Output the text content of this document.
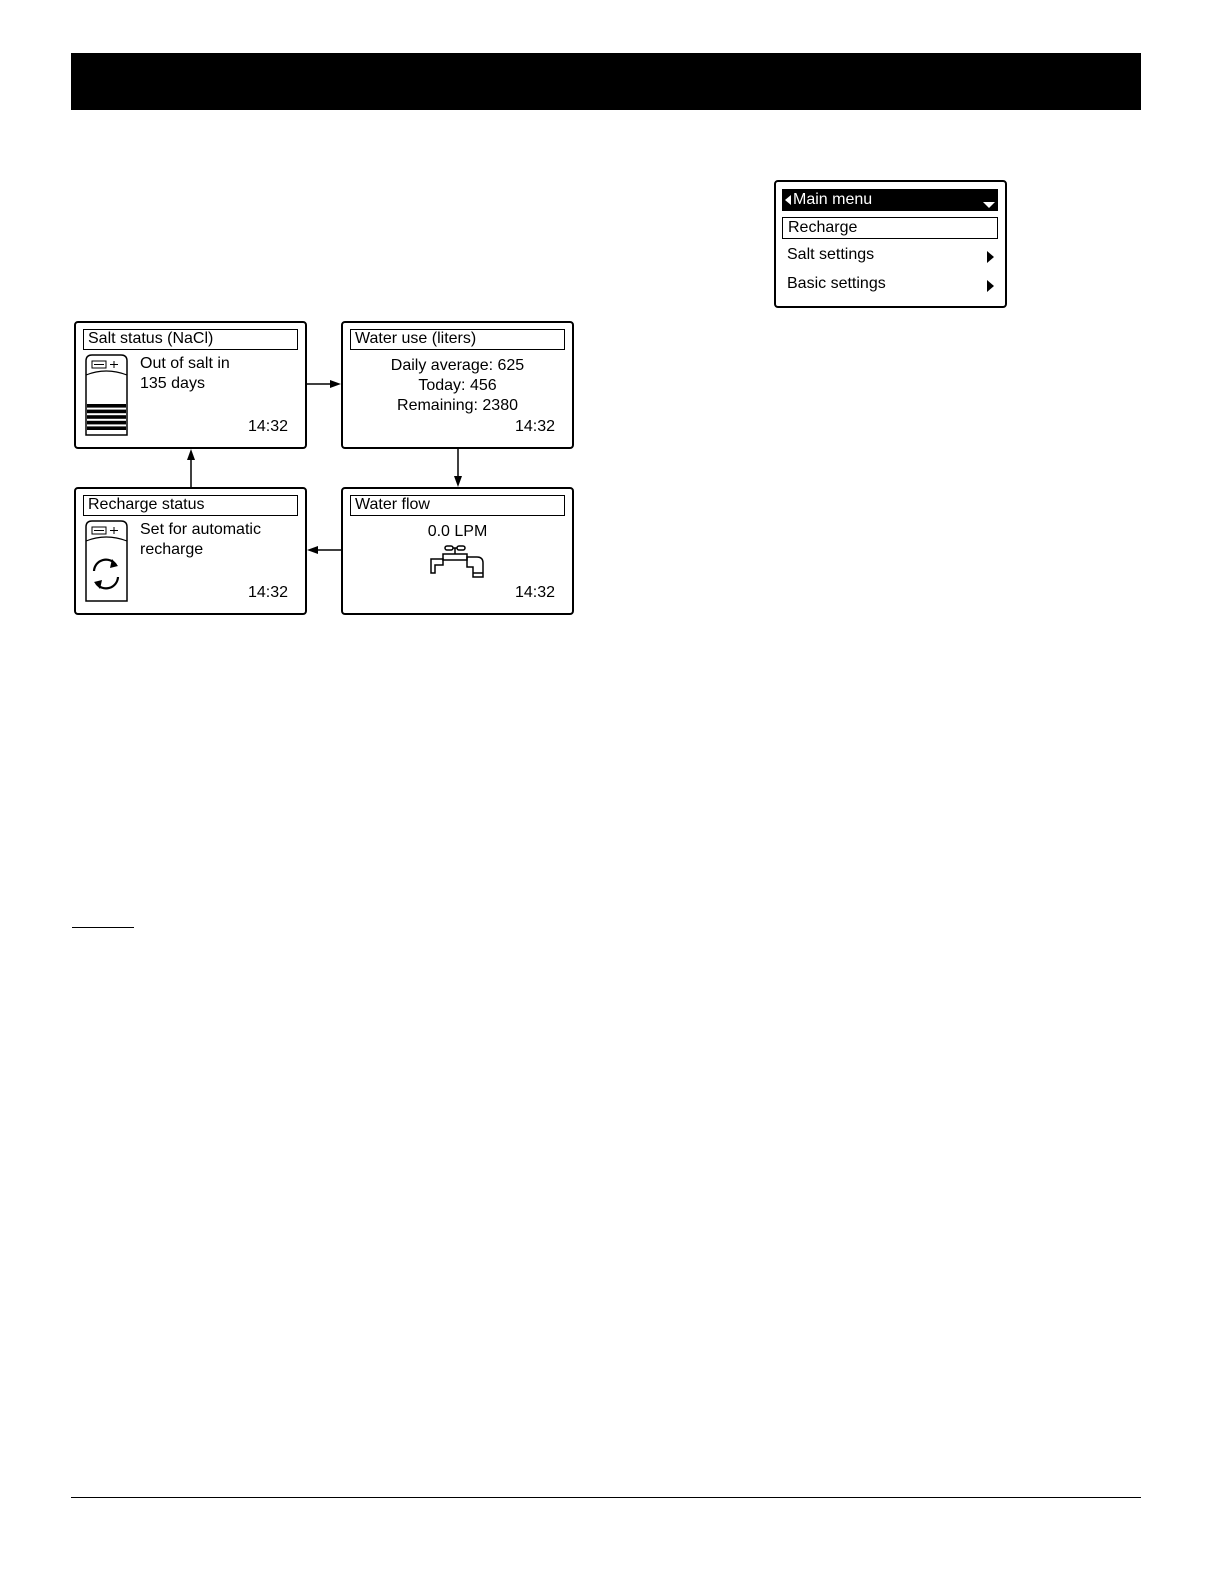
Main menu
Recharge
Salt settings
Basic settings
Salt status (NaCl)
Out of salt in
135 days
14:32
Water use (liters)
Daily average: 625
Today: 456
Remaining: 2380
14:32
Recharge status
Set for automatic
recharge
14:32
Water flow
0.0 LPM
14:32
